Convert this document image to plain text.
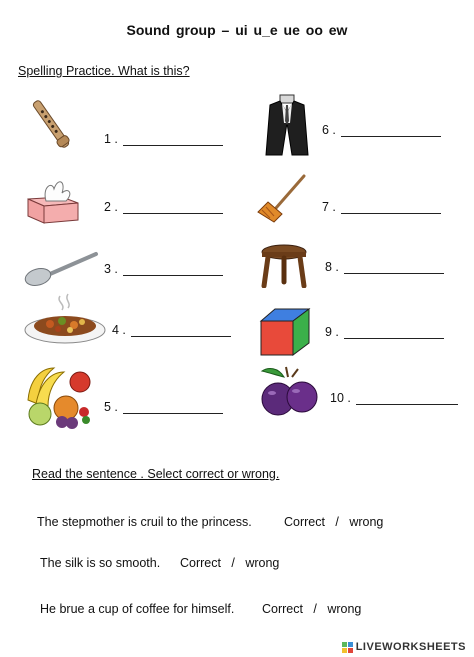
Sound group – ui u_e ue oo ew
Spelling Practice. What is this?
1 .
2 .
3 .
4 .
5 .
6 .
7 .
8 .
9 .
10 .
Read the sentence . Select correct or wrong.
The stepmother is cruil to the princess.	Correct / wrong
The silk is so smooth. Correct / wrong
He brue a cup of coffee for himself. Correct / wrong
LIVEWORKSHEETS
